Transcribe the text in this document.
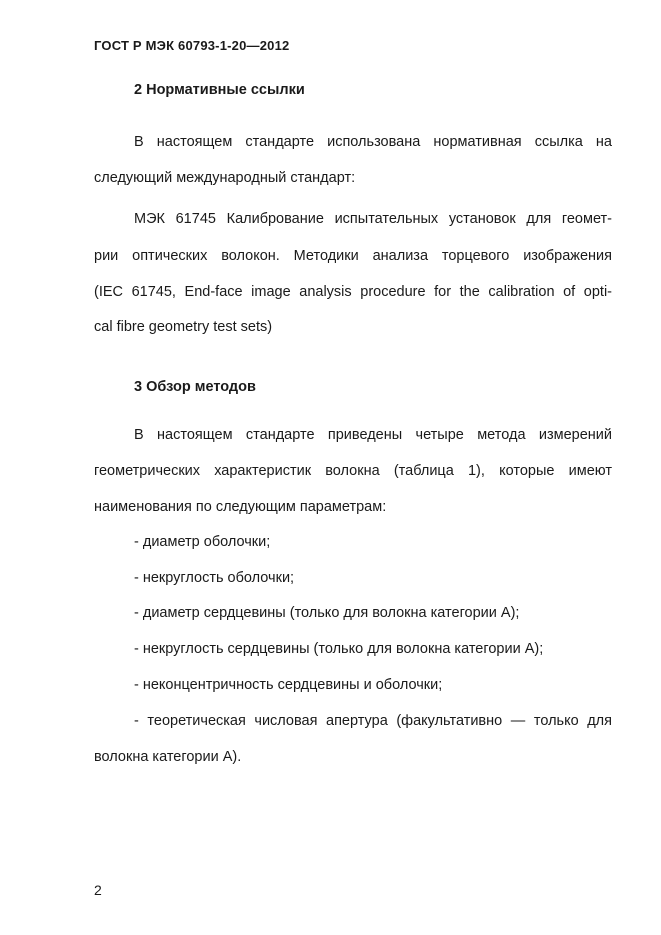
ГОСТ Р МЭК 60793-1-20—2012
2 Нормативные ссылки
В настоящем стандарте использована нормативная ссылка на
следующий международный стандарт:
МЭК 61745 Калибрование испытательных установок для геомет-
рии оптических волокон. Методики анализа торцевого изображения
(IEC 61745, End-face image analysis procedure for the calibration of opti-
cal fibre geometry test sets)
3 Обзор методов
В настоящем стандарте приведены четыре метода измерений
геометрических характеристик волокна (таблица 1), которые имеют
наименования по следующим параметрам:
- диаметр оболочки;
- некруглость оболочки;
- диаметр сердцевины (только для волокна категории А);
- некруглость сердцевины (только для волокна категории А);
- неконцентричность сердцевины и оболочки;
- теоретическая числовая апертура (факультативно — только для
волокна категории А).
2
